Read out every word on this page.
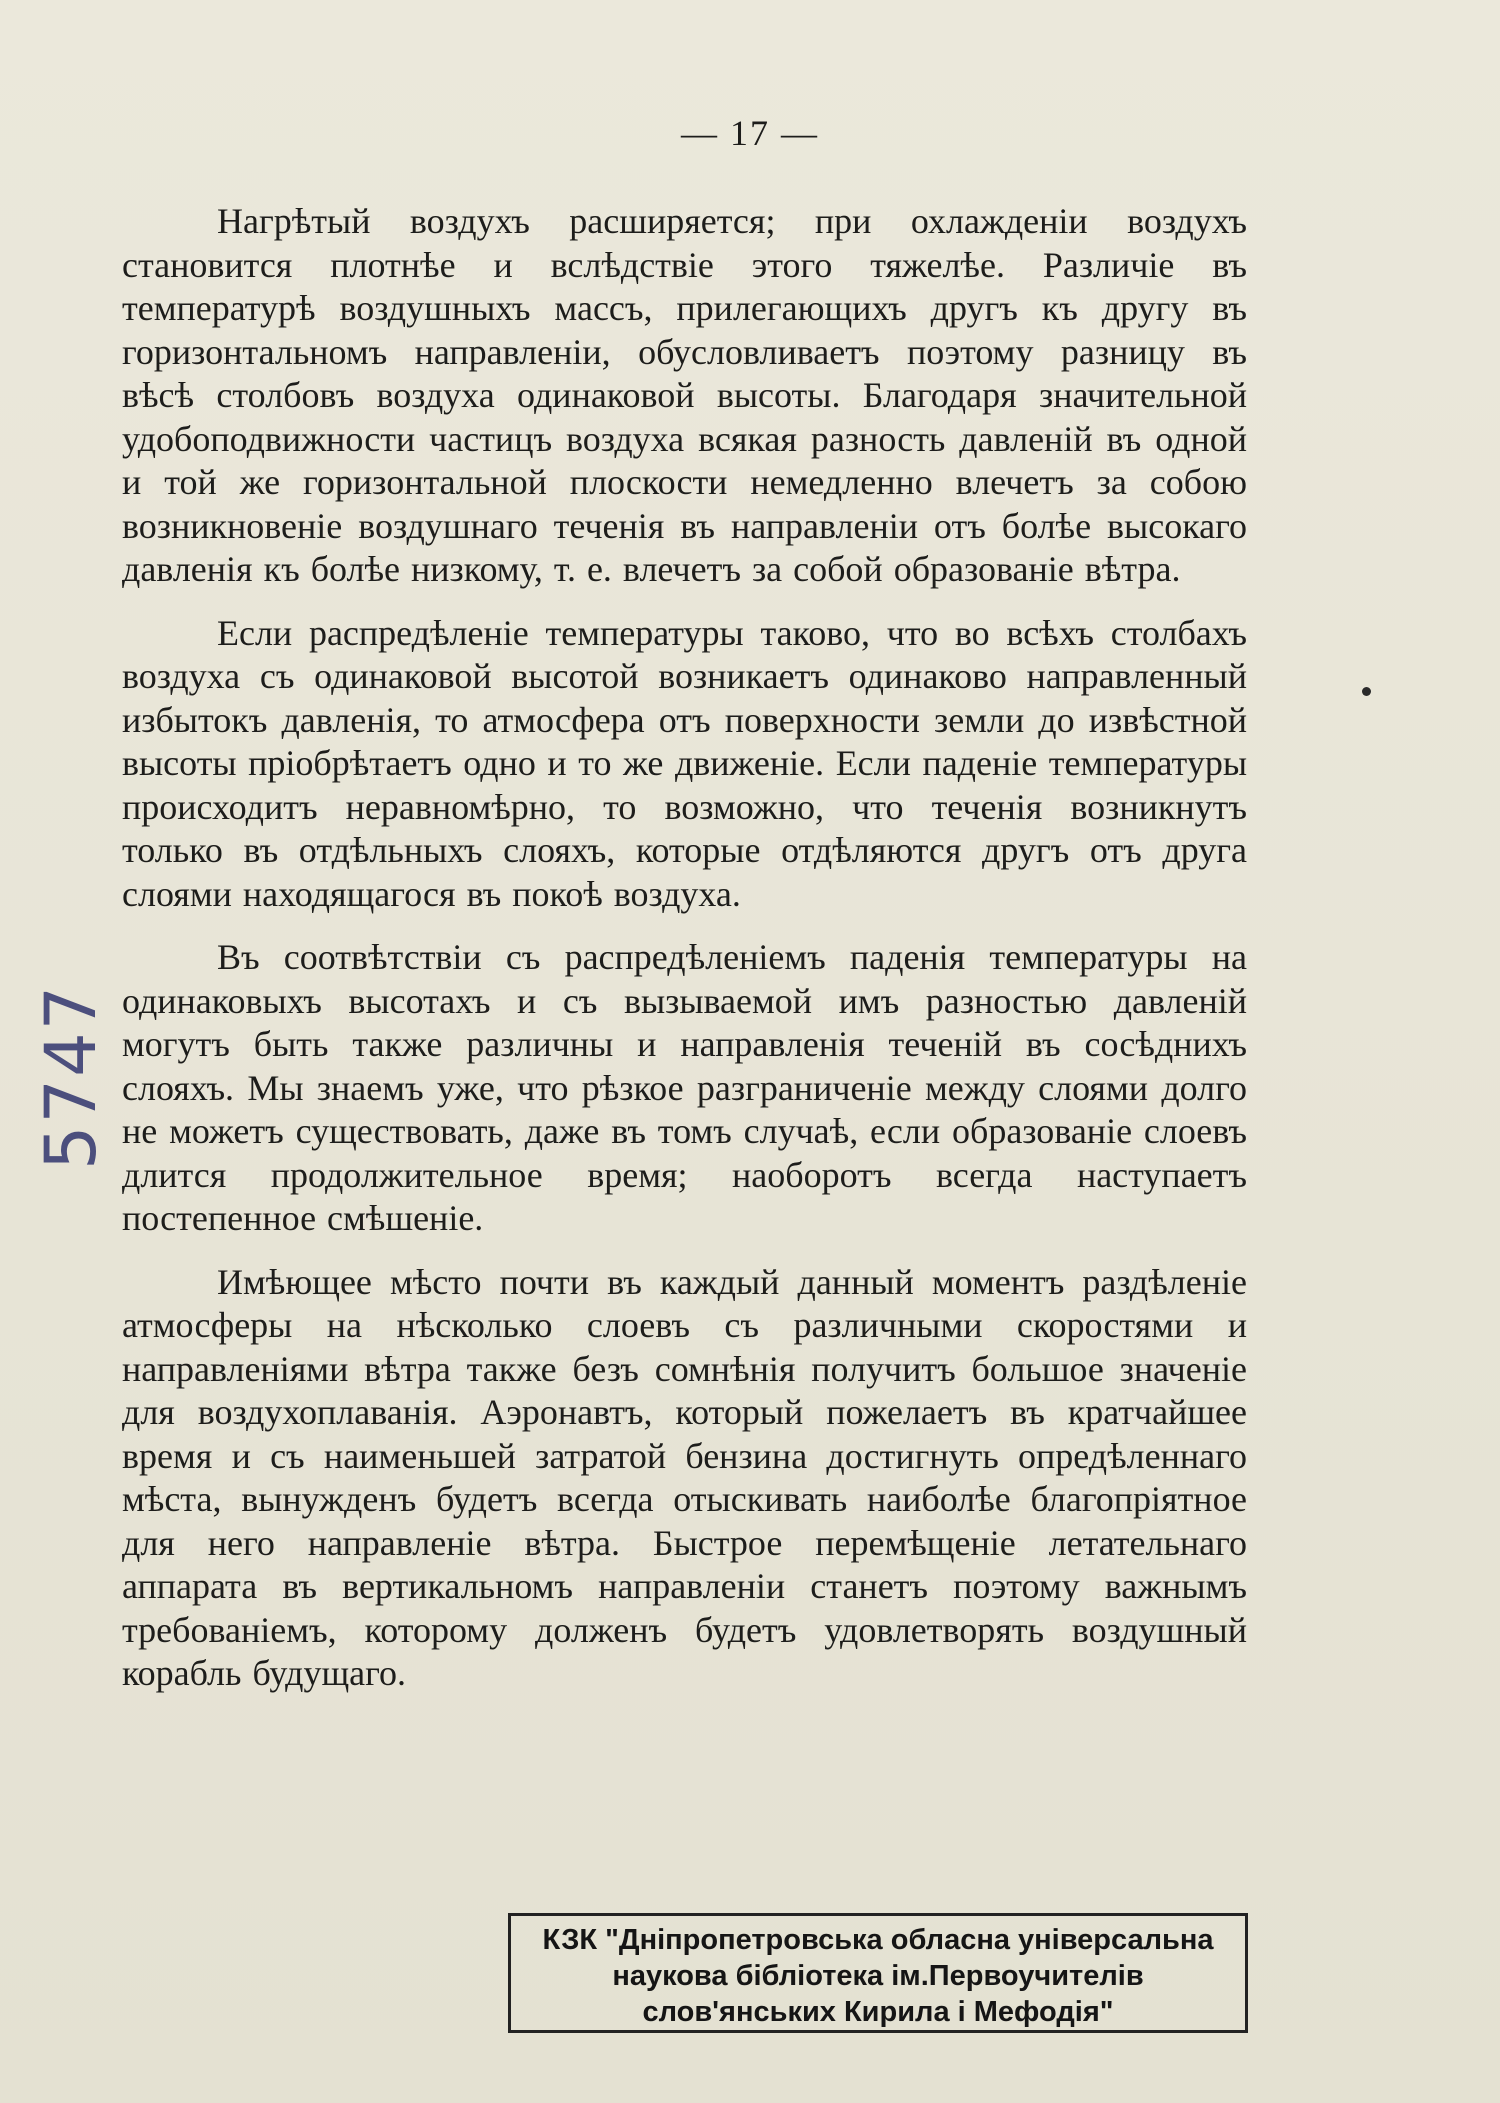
— 17 —

Нагрѣтый воздухъ расширяется; при охлажденіи воздухъ становится плотнѣе и вслѣдствіе этого тяжелѣе. Различіе въ температурѣ воздушныхъ массъ, прилегающихъ другъ къ другу въ горизонтальномъ направленіи, обусловливаетъ поэтому разницу въ вѣсѣ столбовъ воздуха одинаковой высоты. Благодаря значительной удобоподвижности частицъ воздуха всякая разность давленій въ одной и той же горизонтальной плоскости немедленно влечетъ за собою возникновеніе воздушнаго теченія въ направленіи отъ болѣе высокаго давленія къ болѣе низкому, т. е. влечетъ за собой образованіе вѣтра.

Если распредѣленіе температуры таково, что во всѣхъ столбахъ воздуха съ одинаковой высотой возникаетъ одинаково направленный избытокъ давленія, то атмосфера отъ поверхности земли до извѣстной высоты пріобрѣтаетъ одно и то же движеніе. Если паденіе температуры происходитъ неравномѣрно, то возможно, что теченія возникнутъ только въ отдѣльныхъ слояхъ, которые отдѣляются другъ отъ друга слоями находящагося въ покоѣ воздуха.

Въ соотвѣтствіи съ распредѣленіемъ паденія температуры на одинаковыхъ высотахъ и съ вызываемой имъ разностью давленій могутъ быть также различны и направленія теченій въ сосѣднихъ слояхъ. Мы знаемъ уже, что рѣзкое разграниченіе между слоями долго не можетъ существовать, даже въ томъ случаѣ, если образованіе слоевъ длится продолжительное время; наоборотъ всегда наступаетъ постепенное смѣшеніе.

Имѣющее мѣсто почти въ каждый данный моментъ раздѣленіе атмосферы на нѣсколько слоевъ съ различными скоростями и направленіями вѣтра также безъ сомнѣнія получитъ большое значеніе для воздухоплаванія. Аэронавтъ, который пожелаетъ въ кратчайшее время и съ наименьшей затратой бензина достигнуть опредѣленнаго мѣста, вынужденъ будетъ всегда отыскивать наиболѣе благопріятное для него направленіе вѣтра. Быстрое перемѣщеніе летательнаго аппарата въ вертикальномъ направленіи станетъ поэтому важнымъ требованіемъ, которому долженъ будетъ удовлетворять воздушный корабль будущаго.

5747
КЗК "Дніпропетровська обласна універсальна
наукова бібліотека ім.Первоучителів
слов'янських Кирила і Мефодія"
